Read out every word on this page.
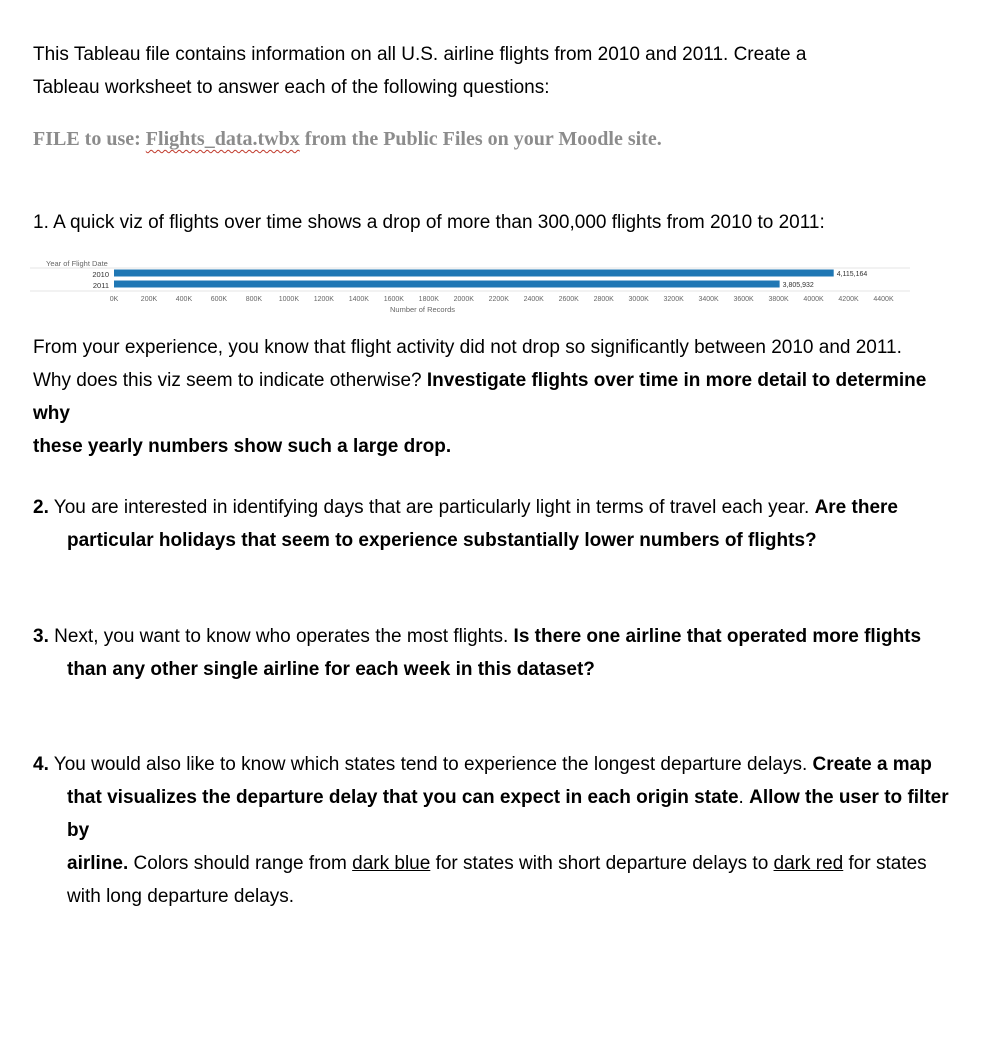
This Tableau file contains information on all U.S. airline flights from 2010 and 2011. Create a
Tableau worksheet to answer each of the following questions:
FILE to use: Flights_data.twbx from the Public Files on your Moodle site.
1. A quick viz of flights over time shows a drop of more than 300,000 flights from 2010 to 2011:
Year of Flight Date
2010	4,115,164
2011	3,805,932
0K	200K	400K	600K	800K 1000K 1200K 1400K 1600K 1800K 2000K 2200K 2400K 2600K 2800K 3000K 3200K 3400K 3600K 3800K 4000K 4200K 4400K
Number of Records
From your experience, you know that flight activity did not drop so significantly between 2010 and 2011.
Why does this viz seem to indicate otherwise? Investigate flights over time in more detail to determine why
these yearly numbers show such a large drop.
2. You are interested in identifying days that are particularly light in terms of travel each year. Are there
particular holidays that seem to experience substantially lower numbers of flights?
3. Next, you want to know who operates the most flights. Is there one airline that operated more flights
than any other single airline for each week in this dataset?
4. You would also like to know which states tend to experience the longest departure delays. Create a map
that visualizes the departure delay that you can expect in each origin state. Allow the user to filter by
airline. Colors should range from dark blue for states with short departure delays to dark red for states
with long departure delays.
